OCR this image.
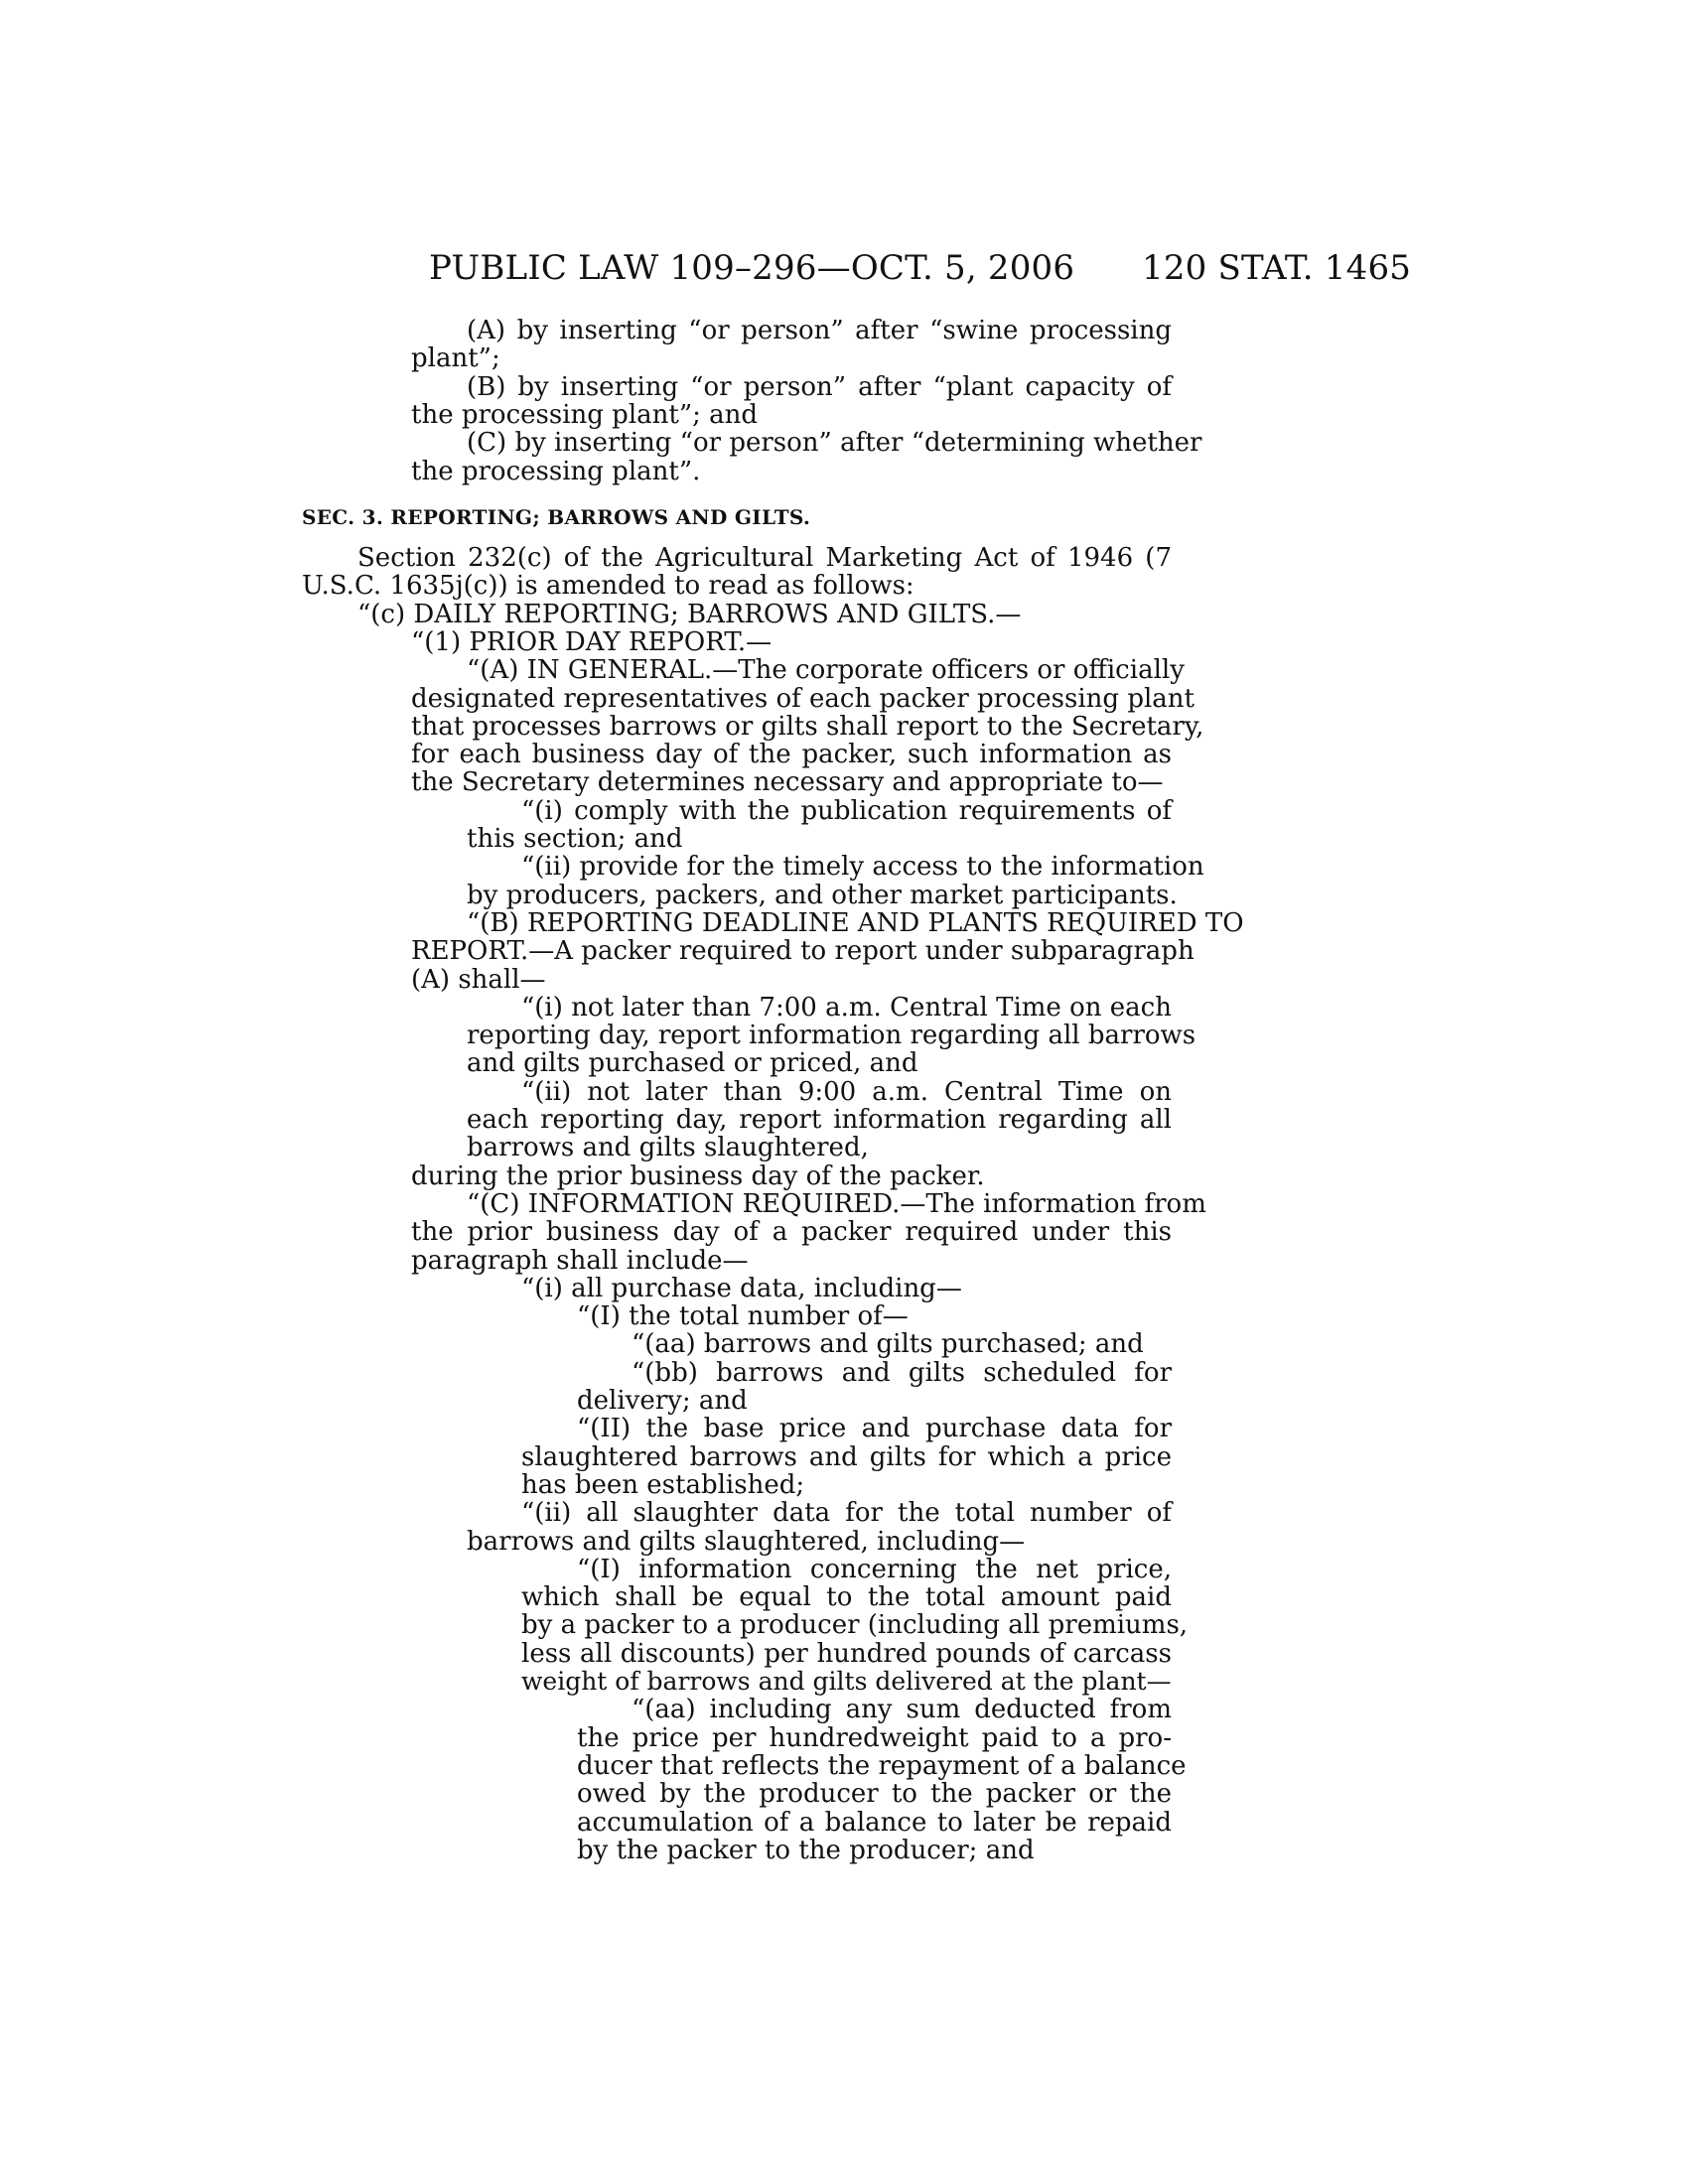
PUBLIC LAW 109–296—OCT. 5, 2006 120 STAT. 1465
(A) by inserting “or person” after “swine processing
plant”;
(B) by inserting “or person” after “plant capacity of
the processing plant”; and
(C) by inserting “or person” after “determining whether
the processing plant”.
SEC. 3. REPORTING; BARROWS AND GILTS.
Section 232(c) of the Agricultural Marketing Act of 1946 (7
U.S.C. 1635j(c)) is amended to read as follows:
“(c) DAILY REPORTING; BARROWS AND GILTS.—
“(1) PRIOR DAY REPORT.—
“(A) IN GENERAL.—The corporate officers or officially
designated representatives of each packer processing plant
that processes barrows or gilts shall report to the Secretary,
for each business day of the packer, such information as
the Secretary determines necessary and appropriate to—
“(i) comply with the publication requirements of
this section; and
“(ii) provide for the timely access to the information
by producers, packers, and other market participants.
“(B) REPORTING DEADLINE AND PLANTS REQUIRED TO
REPORT.—A packer required to report under subparagraph
(A) shall—
“(i) not later than 7:00 a.m. Central Time on each
reporting day, report information regarding all barrows
and gilts purchased or priced, and
“(ii) not later than 9:00 a.m. Central Time on
each reporting day, report information regarding all
barrows and gilts slaughtered,
during the prior business day of the packer.
“(C) INFORMATION REQUIRED.—The information from
the prior business day of a packer required under this
paragraph shall include—
“(i) all purchase data, including—
“(I) the total number of—
“(aa) barrows and gilts purchased; and
“(bb) barrows and gilts scheduled for
delivery; and
“(II) the base price and purchase data for
slaughtered barrows and gilts for which a price
has been established;
“(ii) all slaughter data for the total number of
barrows and gilts slaughtered, including—
“(I) information concerning the net price,
which shall be equal to the total amount paid
by a packer to a producer (including all premiums,
less all discounts) per hundred pounds of carcass
weight of barrows and gilts delivered at the plant—
“(aa) including any sum deducted from
the price per hundredweight paid to a pro-
ducer that reflects the repayment of a balance
owed by the producer to the packer or the
accumulation of a balance to later be repaid
by the packer to the producer; and
